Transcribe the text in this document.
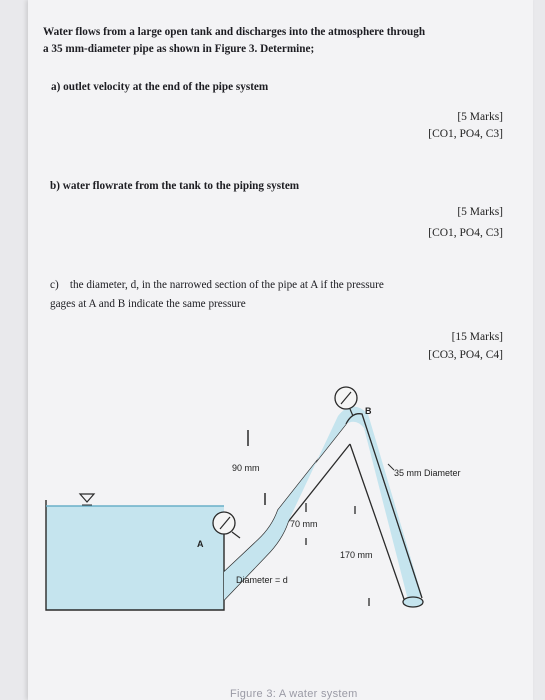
Water flows from a large open tank and discharges into the atmosphere through
a 35 mm-diameter pipe as shown in Figure 3. Determine;
a) outlet velocity at the end of the pipe system
[5 Marks]
[CO1, PO4, C3]
b) water flowrate from the tank to the piping system
[5 Marks]
[CO1, PO4, C3]
c) the diameter, d, in the narrowed section of the pipe at A if the pressure
gages at A and B indicate the same pressure
[15 Marks]
[CO3, PO4, C4]
Figure 3: A water system
90 mm	35 mm Diameter
70 mm
170 mm
Diameter = d
A
B
